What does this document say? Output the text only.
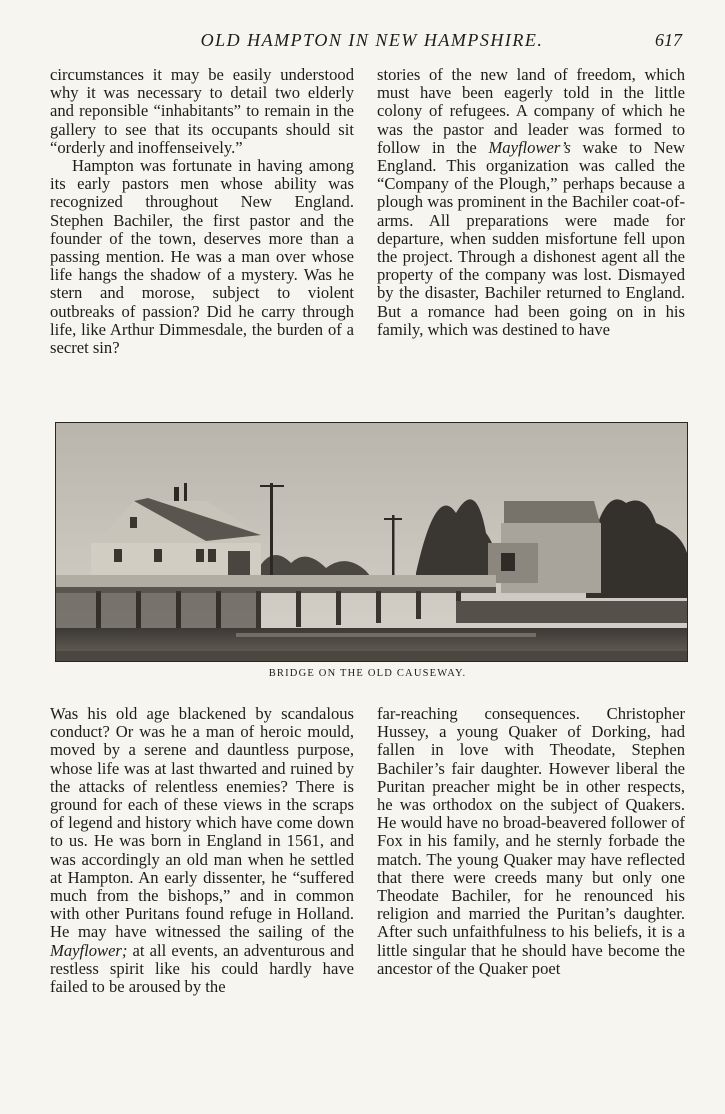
OLD HAMPTON IN NEW HAMPSHIRE.	617

circumstances it may be easily understood why it was necessary to detail two elderly and reponsible “inhabitants” to remain in the gallery to see that its occupants should sit “orderly and inoffenseively.”

Hampton was fortunate in having among its early pastors men whose ability was recognized throughout New England. Stephen Bachiler, the first pastor and the founder of the town, deserves more than a passing mention. He was a man over whose life hangs the shadow of a mystery. Was he stern and morose, subject to violent outbreaks of passion? Did he carry through life, like Arthur Dimmesdale, the burden of a secret sin?

stories of the new land of freedom, which must have been eagerly told in the little colony of refugees. A company of which he was the pastor and leader was formed to follow in the Mayflower’s wake to New England. This organization was called the “Company of the Plough,” perhaps because a plough was prominent in the Bachiler coat-of-arms. All preparations were made for departure, when sudden misfortune fell upon the project. Through a dishonest agent all the property of the company was lost. Dismayed by the disaster, Bachiler returned to England. But a romance had been going on in his family, which was destined to have

BRIDGE ON THE OLD CAUSEWAY.

Was his old age blackened by scandalous conduct? Or was he a man of heroic mould, moved by a serene and dauntless purpose, whose life was at last thwarted and ruined by the attacks of relentless enemies? There is ground for each of these views in the scraps of legend and history which have come down to us. He was born in England in 1561, and was accordingly an old man when he settled at Hampton. An early dissenter, he “suffered much from the bishops,” and in common with other Puritans found refuge in Holland. He may have witnessed the sailing of the Mayflower; at all events, an adventurous and restless spirit like his could hardly have failed to be aroused by the

far-reaching consequences. Christopher Hussey, a young Quaker of Dorking, had fallen in love with Theodate, Stephen Bachiler’s fair daughter. However liberal the Puritan preacher might be in other respects, he was orthodox on the subject of Quakers. He would have no broad-beavered follower of Fox in his family, and he sternly forbade the match. The young Quaker may have reflected that there were creeds many but only one Theodate Bachiler, for he renounced his religion and married the Puritan’s daughter. After such unfaithfulness to his beliefs, it is a little singular that he should have become the ancestor of the Quaker poet
